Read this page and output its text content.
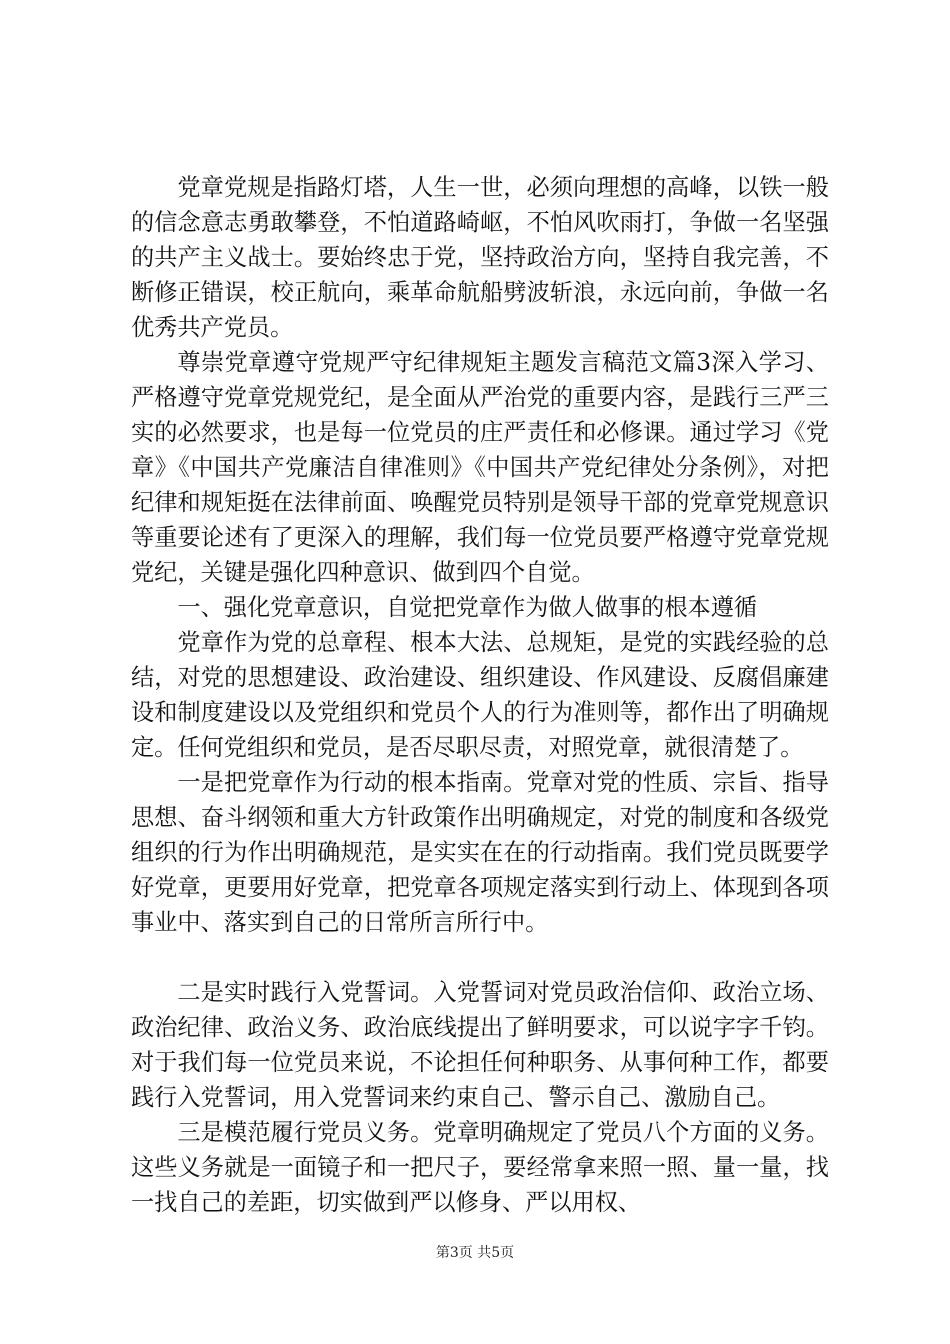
党章党规是指路灯塔，人生一世，必须向理想的高峰，以铁一般的信念意志勇敢攀登，不怕道路崎岖，不怕风吹雨打，争做一名坚强的共产主义战士。要始终忠于党，坚持政治方向，坚持自我完善，不断修正错误，校正航向，乘革命航船劈波斩浪，永远向前，争做一名优秀共产党员。

尊崇党章遵守党规严守纪律规矩主题发言稿范文篇3深入学习、严格遵守党章党规党纪，是全面从严治党的重要内容，是践行三严三实的必然要求，也是每一位党员的庄严责任和必修课。通过学习《党章》《中国共产党廉洁自律准则》《中国共产党纪律处分条例》，对把纪律和规矩挺在法律前面、唤醒党员特别是领导干部的党章党规意识等重要论述有了更深入的理解，我们每一位党员要严格遵守党章党规党纪，关键是强化四种意识、做到四个自觉。

一、强化党章意识，自觉把党章作为做人做事的根本遵循

党章作为党的总章程、根本大法、总规矩，是党的实践经验的总结，对党的思想建设、政治建设、组织建设、作风建设、反腐倡廉建设和制度建设以及党组织和党员个人的行为准则等，都作出了明确规定。任何党组织和党员，是否尽职尽责，对照党章，就很清楚了。

一是把党章作为行动的根本指南。党章对党的性质、宗旨、指导思想、奋斗纲领和重大方针政策作出明确规定，对党的制度和各级党组织的行为作出明确规范，是实实在在的行动指南。我们党员既要学好党章，更要用好党章，把党章各项规定落实到行动上、体现到各项事业中、落实到自己的日常所言所行中。

二是实时践行入党誓词。入党誓词对党员政治信仰、政治立场、政治纪律、政治义务、政治底线提出了鲜明要求，可以说字字千钧。对于我们每一位党员来说，不论担任何种职务、从事何种工作，都要践行入党誓词，用入党誓词来约束自己、警示自己、激励自己。

三是模范履行党员义务。党章明确规定了党员八个方面的义务。这些义务就是一面镜子和一把尺子，要经常拿来照一照、量一量，找一找自己的差距，切实做到严以修身、严以用权、

第3页 共5页
